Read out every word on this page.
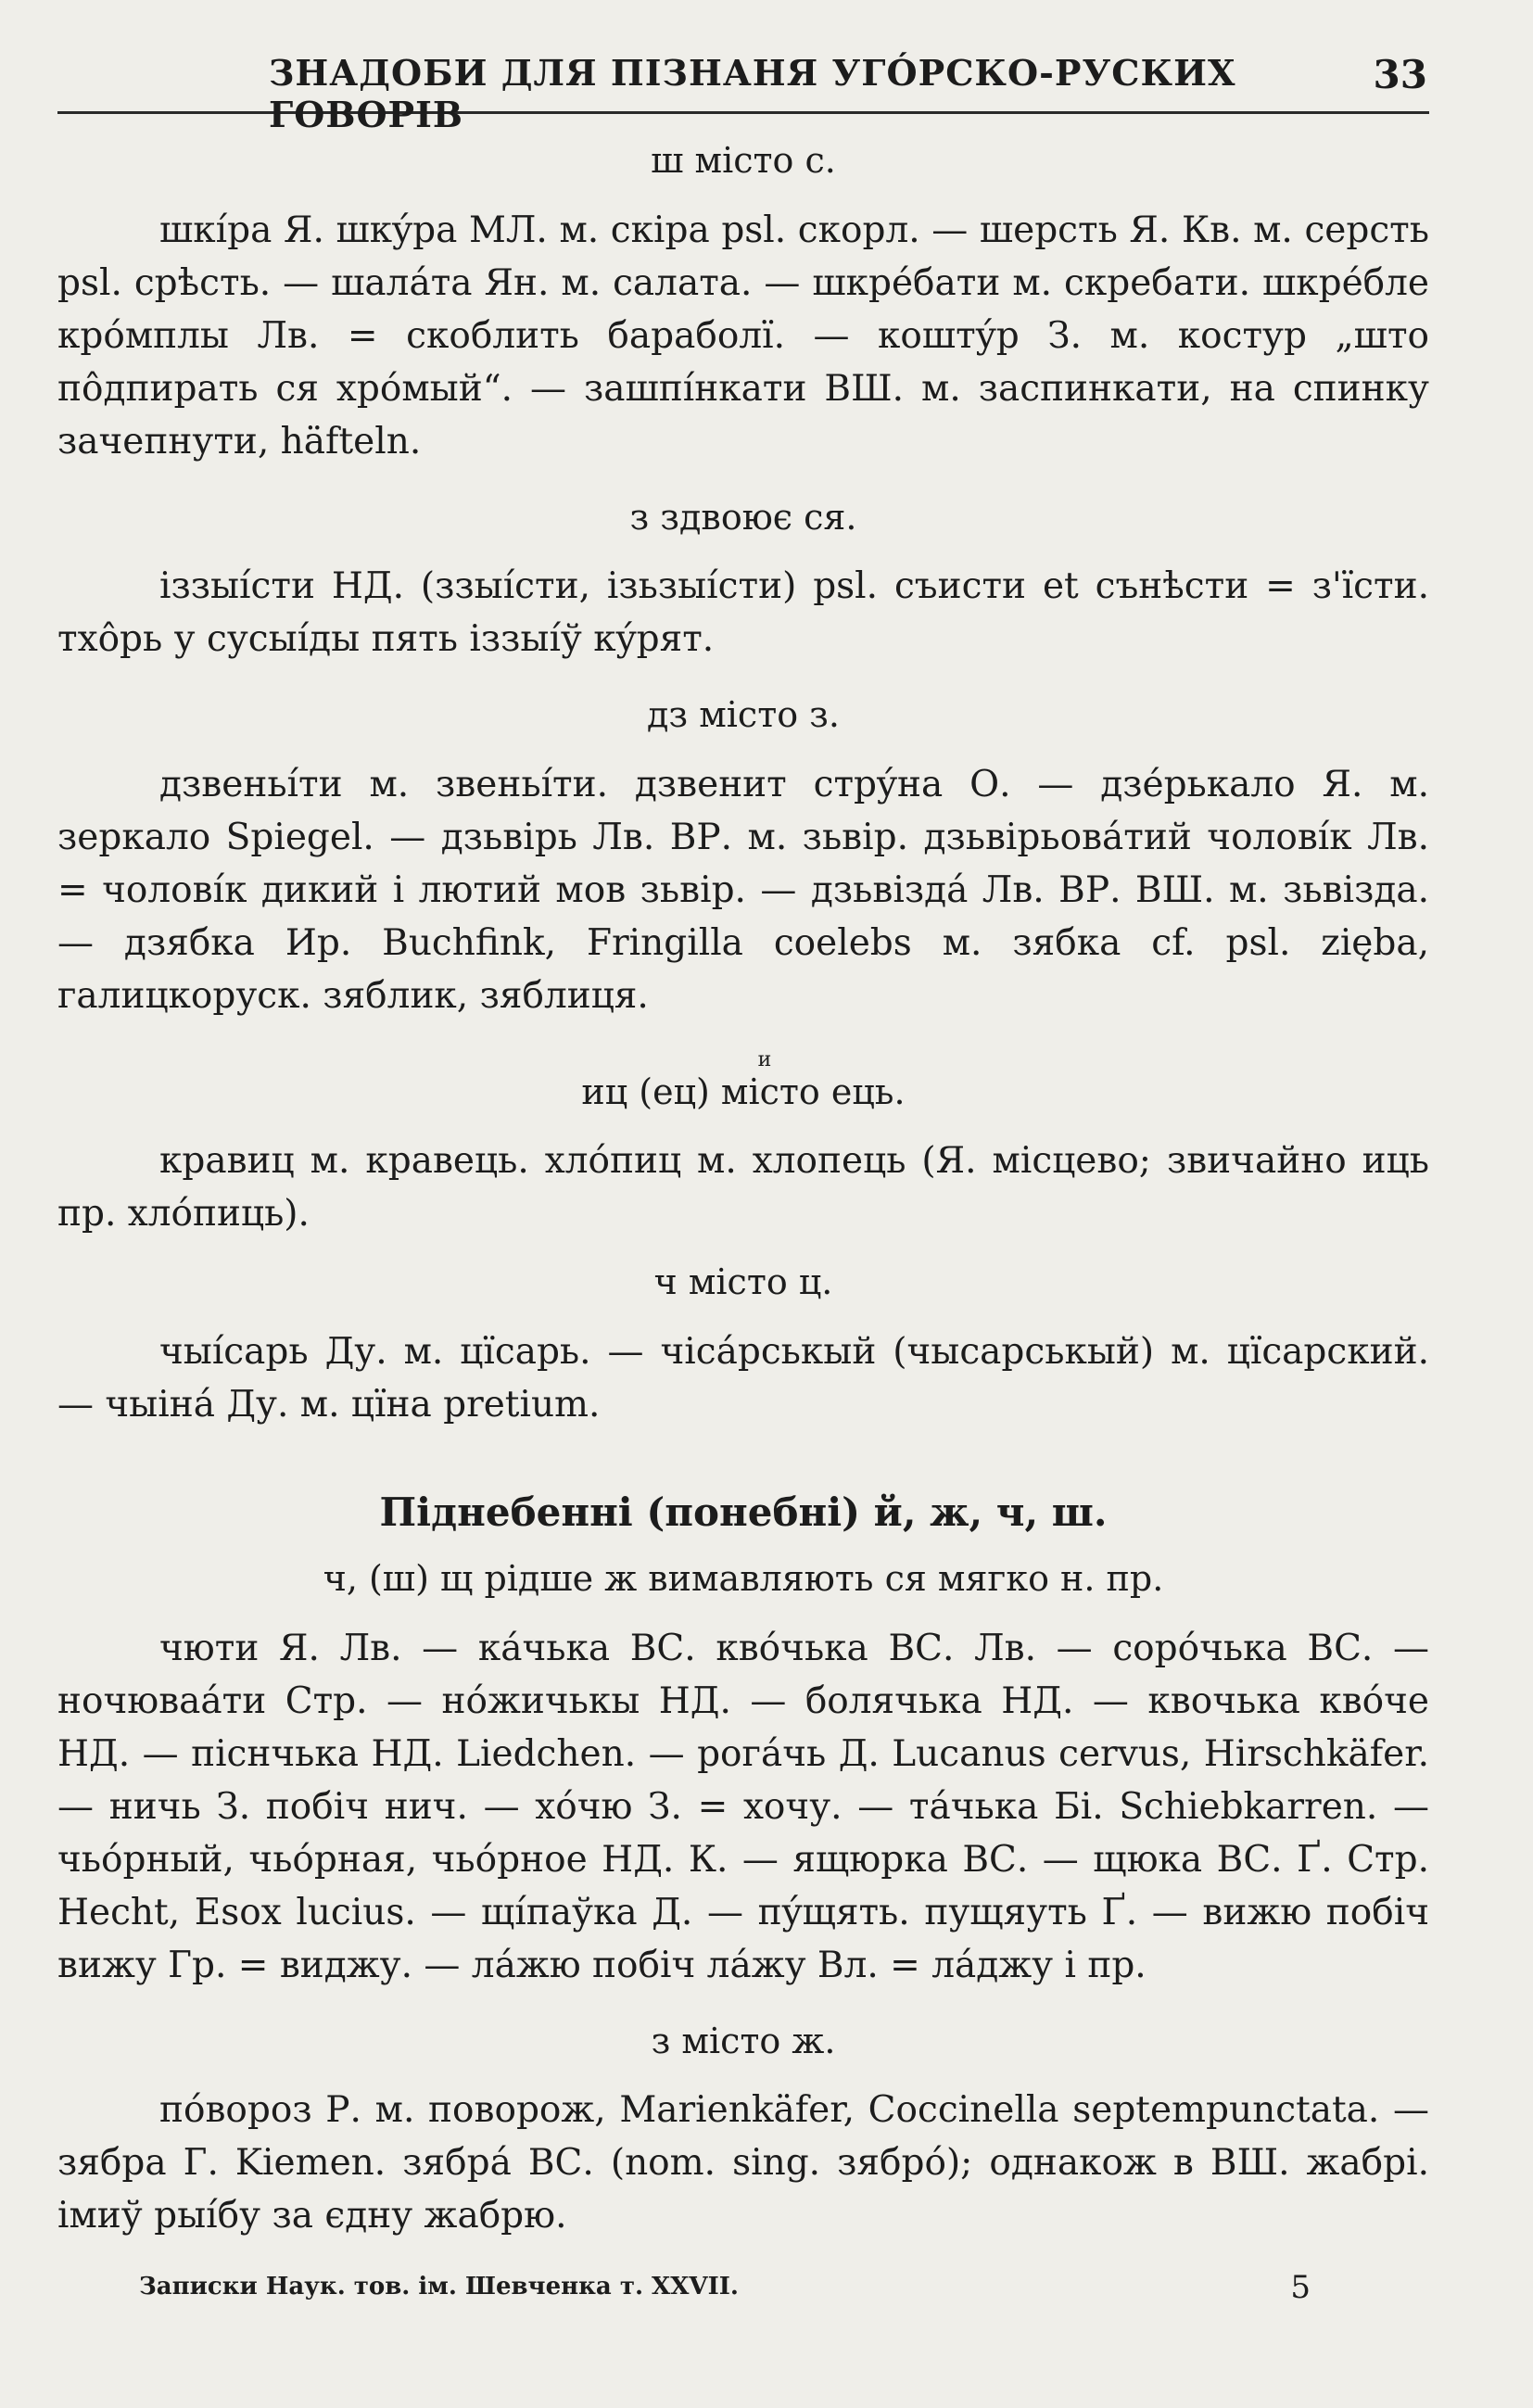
ЗНАДОБИ ДЛЯ ПІЗНАНЯ УГÓРСКО-РУСКИХ ГОВОРІВ
33

ш місто с.

шкíра Я. шкýра МЛ. м. скіра psl. скорл. — шерсть Я. Кв. м. серсть psl. срѣсть. — шалáта Ян. м. салата. — шкрéбати м. скребати. шкрéбле крóмплы Лв. = скоблить бараболї. — коштýр З. м. костур „што пôдпирать ся хрóмый“. — зашпíнкати ВШ. м. заспинкати, на спинку зачепнути, häfteln.

з здвоює ся.

іззыíсти НД. (ззыíсти, ізьзыíсти) psl. съисти et сънѣсти = з'їсти. тхôрь у сусыíды пять іззыíў кýрят.

дз місто з.

дзвеньíти м. звеньíти. дзвенит стрýна О. — дзéрькало Я. м. зеркало Spiegel. — дзьвірь Лв. ВР. м. зьвір. дзьвірьовáтий чоловíк Лв. = чоловíк дикий і лютий мов зьвір. — дзьвіздá Лв. ВР. ВШ. м. зьвізда. — дзябка Ир. Buchfink, Fringilla coelebs м. зябка cf. psl. zięba, галицкоруск. зяблик, зяблиця.

и

иц (ец) місто ець.

кравиц м. кравець. хлóпиц м. хлопець (Я. місцево; звичайно иць пр. хлóпиць).

ч місто ц.

чыíсарь Ду. м. цїсарь. — чісáрськый (чысарськый) м. цїсарский. — чыінá Ду. м. цїна pretium.

Піднебенні (понебні) й, ж, ч, ш.

ч, (ш) щ рідше ж вимавляють ся мягко н. пр.

чюти Я. Лв. — кáчька ВС. квóчька ВС. Лв. — сорóчька ВС. — ночюваáти Стр. — нóжичькы НД. — болячька НД. — квочька квóче НД. — піснчька НД. Liedchen. — рогáчь Д. Lucanus cervus, Hirschkäfer. — ничь З. побіч нич. — хóчю З. = хочу. — тáчька Бі. Schiebkarren. — чьóрный, чьóрная, чьóрное НД. К. — ящюрка ВС. — щюка ВС. Ґ. Стр. Hecht, Esox lucius. — щíпаўка Д. — пýщять. пущяуть Ґ. — вижю побіч вижу Гр. = виджу. — лáжю побіч лáжу Вл. = лáджу і пр.

з місто ж.

пóвороз Р. м. поворож, Marienkäfer, Coccinella septempunctata. — зябра Г. Kiemen. зябрá ВС. (nom. sing. зябрó); однакож в ВШ. жабрі. імиў рыíбу за єдну жабрю.

Записки Наук. тов. ім. Шевченка т. XXVII.	5
